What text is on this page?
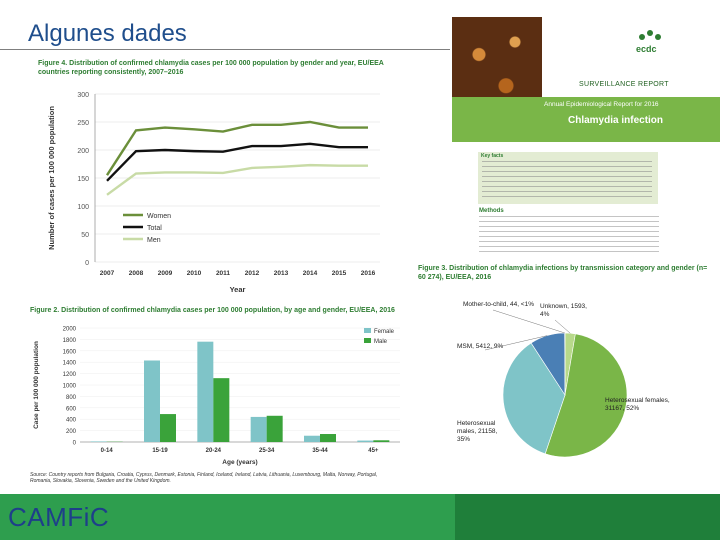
Algunes dades
Figure 4. Distribution of confirmed chlamydia cases per 100 000 population by gender and year, EU/EEA countries reporting consistently, 2007–2016
0
50
100
150
200
250
300
2007 2008 2009 2010 2011 2012 2013 2014 2015 2016
Year
Number of cases per 100 000 population	Women
Total
Men
Figure 2. Distribution of confirmed chlamydia cases per 100 000 population, by age and gender, EU/EEA, 2016
0
200
400
600
800
1000
1200
1400
1600
1800
2000
Case per 100 000 population
0-14	15-19	20-24	25-34	35-44	45+
Age (years)
Female
Male
Source: Country reports from Bulgaria, Croatia, Cyprus, Denmark, Estonia, Finland, Iceland, Ireland, Latvia, Lithuania, Luxembourg, Malta, Norway, Portugal, Romania, Slovakia, Slovenia, Sweden and the United Kingdom.
ecdc
SURVEILLANCE REPORT
Annual Epidemiological Report for 2016
Chlamydia infection
Key facts
Methods
Figure 3. Distribution of chlamydia infections by transmission category and gender (n= 60 274), EU/EEA, 2016
Heterosexual females, 31167, 52%
Heterosexual males, 21158, 35%
MSM, 5412, 9%
Mother-to-child, 44, <1% Unknown, 1593, 4%
CAMFiC
